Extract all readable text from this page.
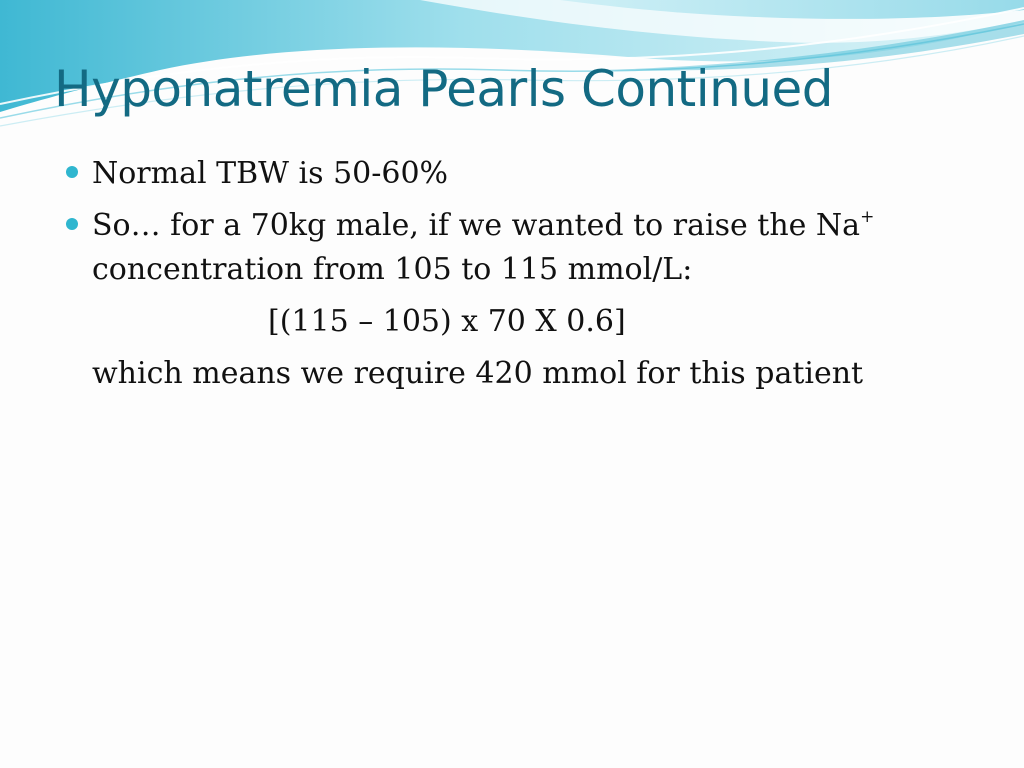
Hyponatremia Pearls Continued

Normal TBW is 50-60%

So… for a 70kg male, if we wanted to raise the Na+

concentration from 105 to 115 mmol/L:

[(115 – 105) x 70 X 0.6]

which means we require 420 mmol for this patient
